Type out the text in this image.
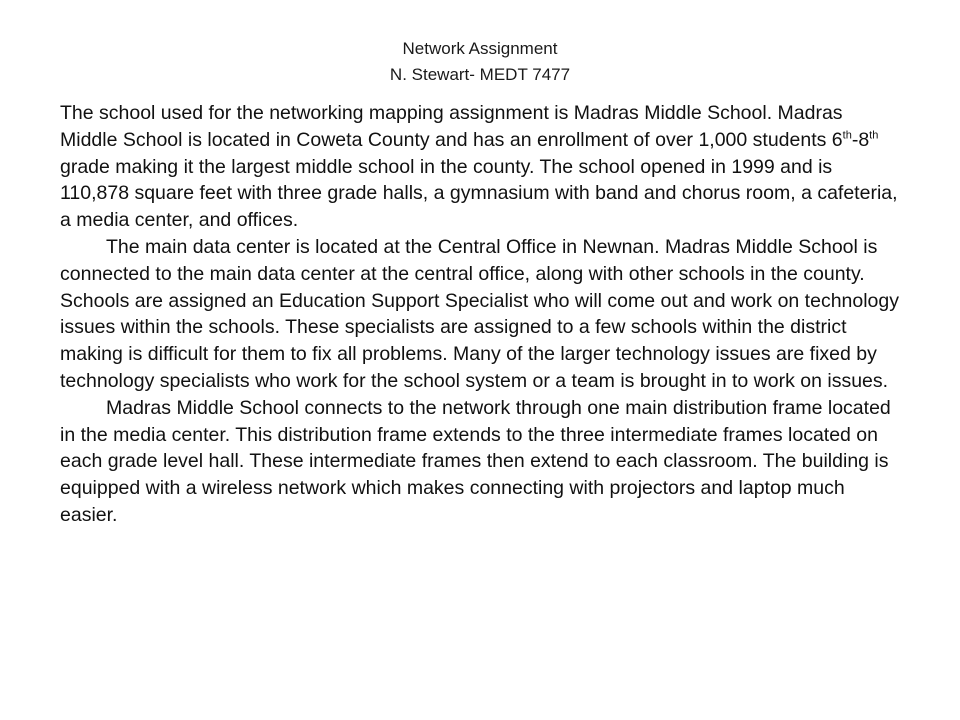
Network Assignment
N. Stewart- MEDT 7477

The school used for the networking mapping assignment is Madras Middle School. Madras Middle School is located in Coweta County and has an enrollment of over 1,000 students 6th-8th grade making it the largest middle school in the county. The school opened in 1999 and is 110,878 square feet with three grade halls, a gymnasium with band and chorus room, a cafeteria, a media center, and offices.

The main data center is located at the Central Office in Newnan. Madras Middle School is connected to the main data center at the central office, along with other schools in the county. Schools are assigned an Education Support Specialist who will come out and work on technology issues within the schools. These specialists are assigned to a few schools within the district making is difficult for them to fix all problems. Many of the larger technology issues are fixed by technology specialists who work for the school system or a team is brought in to work on issues.

Madras Middle School connects to the network through one main distribution frame located in the media center. This distribution frame extends to the three intermediate frames located on each grade level hall. These intermediate frames then extend to each classroom. The building is equipped with a wireless network which makes connecting with projectors and laptop much easier.
